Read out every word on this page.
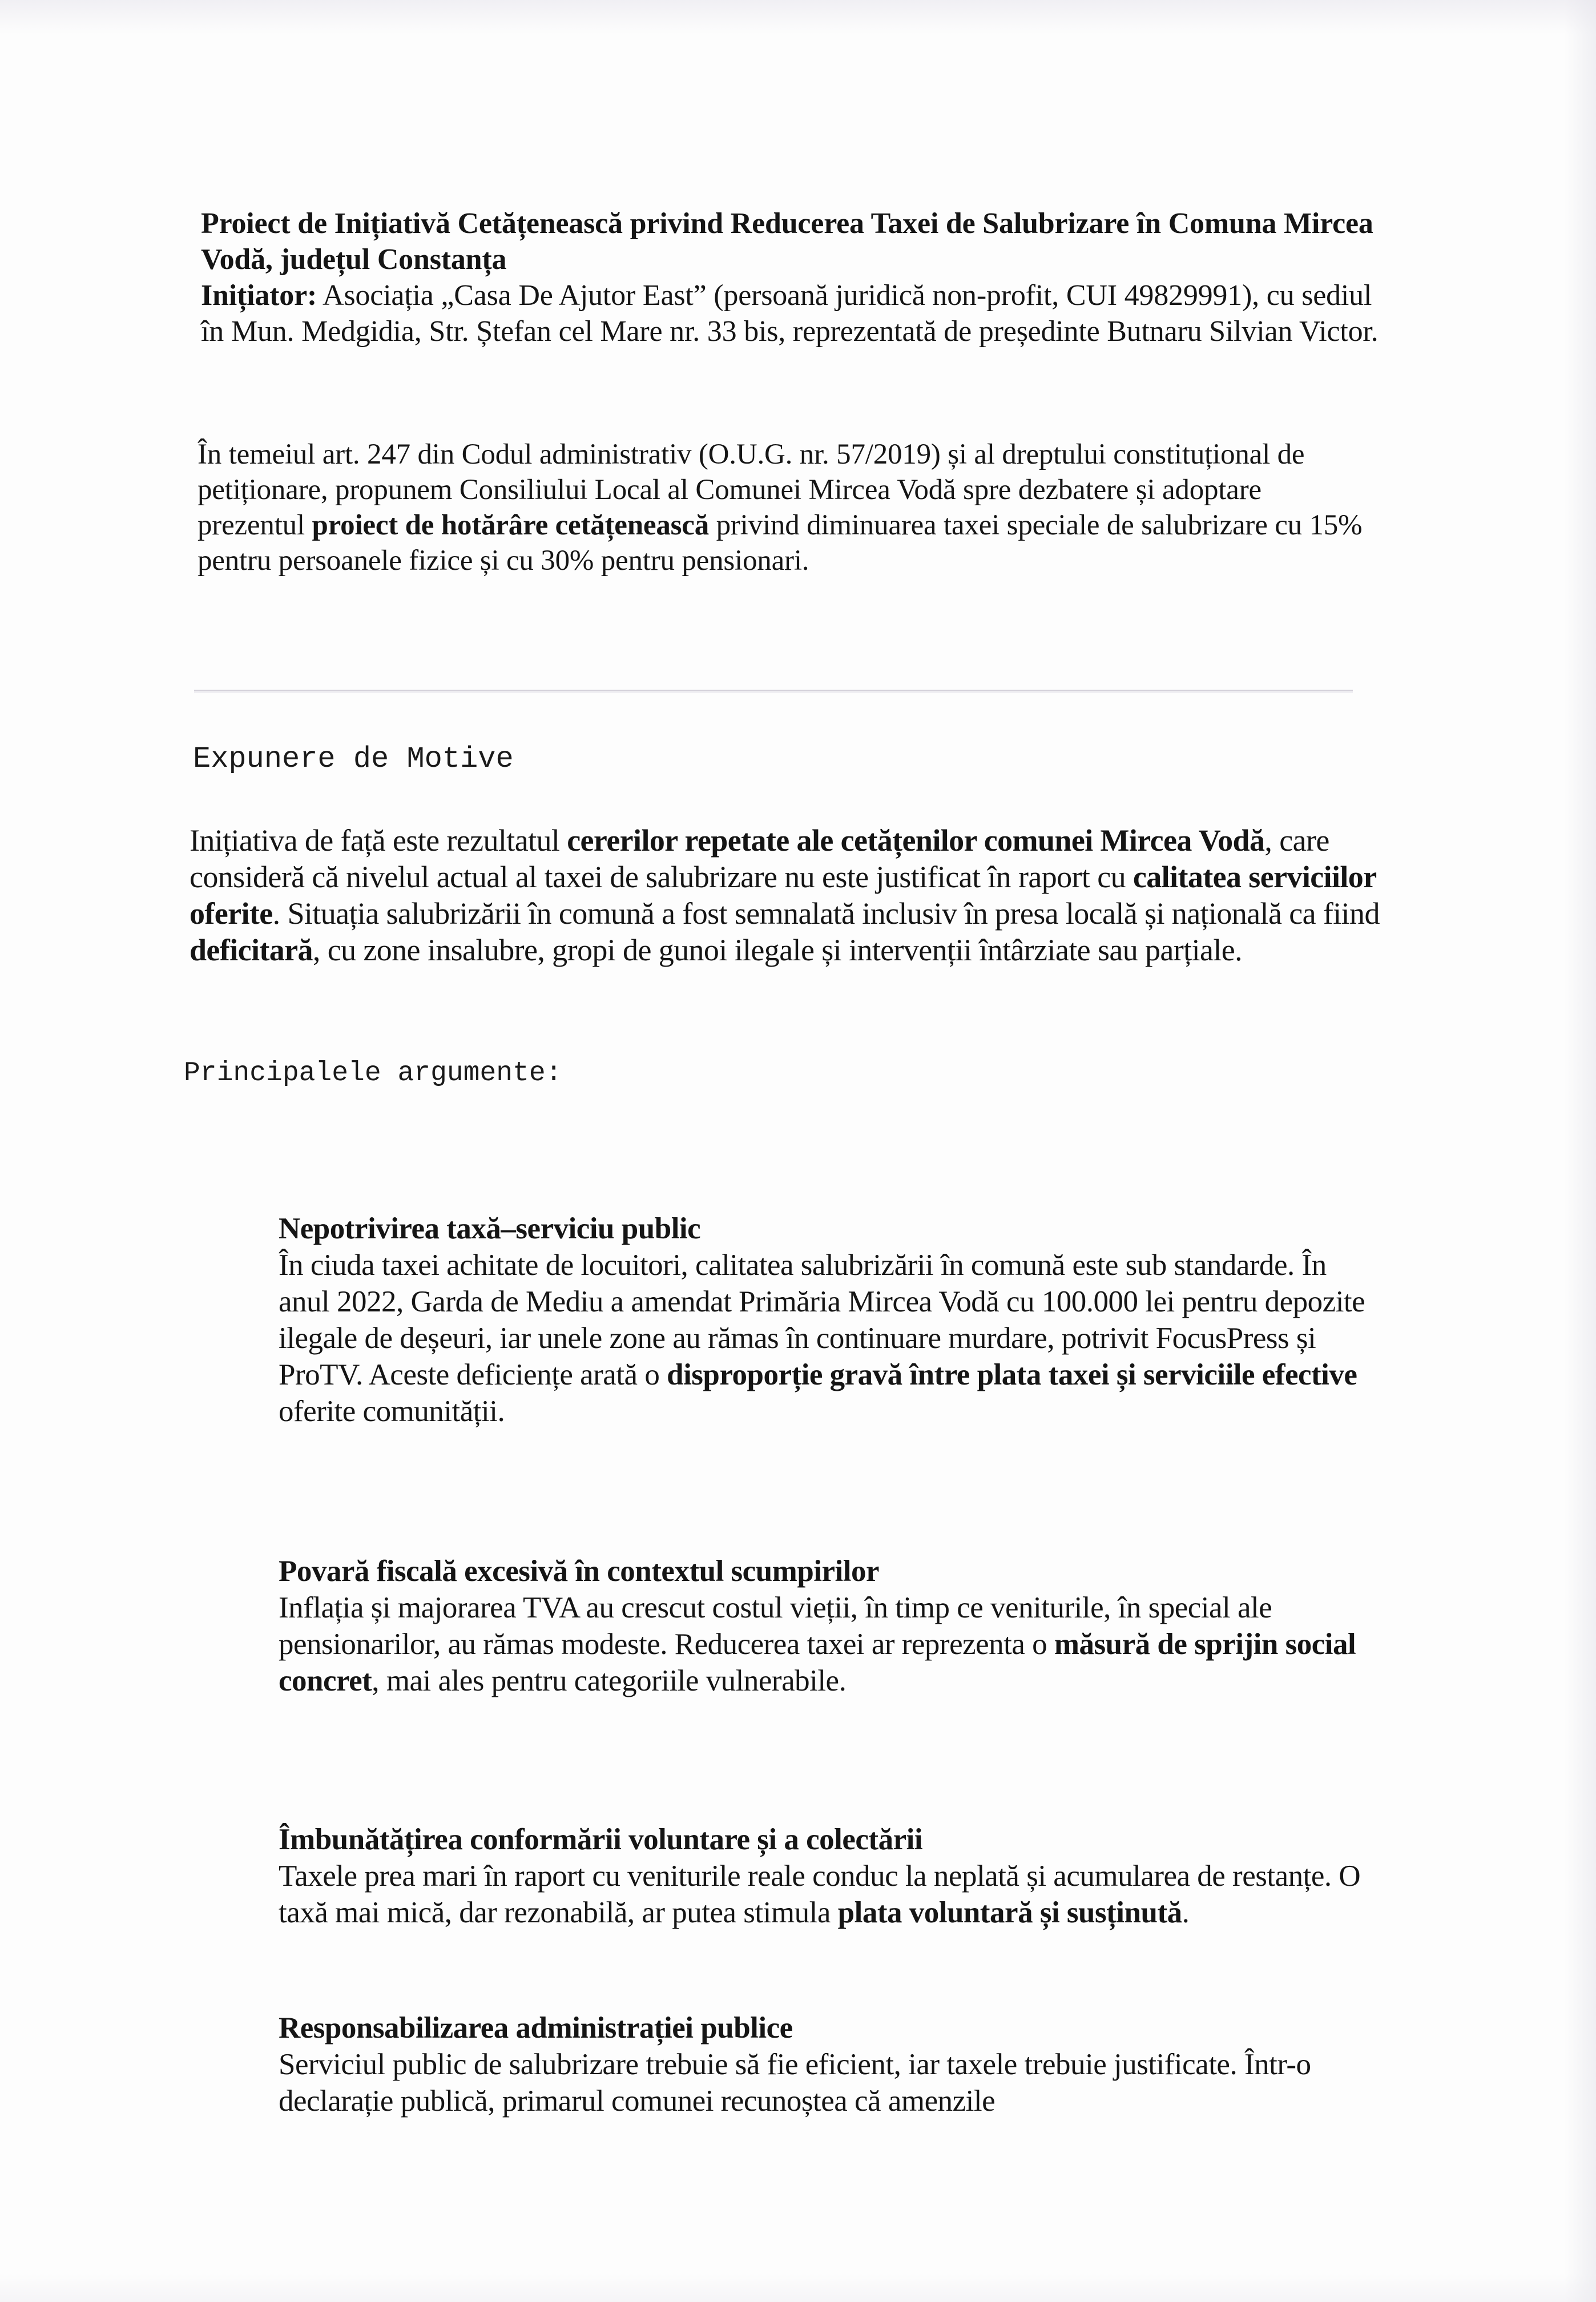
Proiect de Inițiativă Cetățenească privind Reducerea Taxei de Salubrizare în Comuna Mircea Vodă, județul Constanța
Inițiator: Asociația „Casa De Ajutor East” (persoană juridică non-profit, CUI 49829991), cu sediul în Mun. Medgidia, Str. Ștefan cel Mare nr. 33 bis, reprezentată de președinte Butnaru Silvian Victor.
În temeiul art. 247 din Codul administrativ (O.U.G. nr. 57/2019) și al dreptului constituțional de petiționare, propunem Consiliului Local al Comunei Mircea Vodă spre dezbatere și adoptare prezentul proiect de hotărâre cetățenească privind diminuarea taxei speciale de salubrizare cu 15% pentru persoanele fizice și cu 30% pentru pensionari.
Expunere de Motive
Inițiativa de față este rezultatul cererilor repetate ale cetățenilor comunei Mircea Vodă, care consideră că nivelul actual al taxei de salubrizare nu este justificat în raport cu calitatea serviciilor oferite. Situația salubrizării în comună a fost semnalată inclusiv în presa locală și națională ca fiind deficitară, cu zone insalubre, gropi de gunoi ilegale și intervenții întârziate sau parțiale.
Principalele argumente:
Nepotrivirea taxă–serviciu public
În ciuda taxei achitate de locuitori, calitatea salubrizării în comună este sub standarde. În anul 2022, Garda de Mediu a amendat Primăria Mircea Vodă cu 100.000 lei pentru depozite ilegale de deșeuri, iar unele zone au rămas în continuare murdare, potrivit FocusPress și ProTV. Aceste deficiențe arată o disproporție gravă între plata taxei și serviciile efective oferite comunității.
Povară fiscală excesivă în contextul scumpirilor
Inflația și majorarea TVA au crescut costul vieții, în timp ce veniturile, în special ale pensionarilor, au rămas modeste. Reducerea taxei ar reprezenta o măsură de sprijin social concret, mai ales pentru categoriile vulnerabile.
Îmbunătățirea conformării voluntare și a colectării
Taxele prea mari în raport cu veniturile reale conduc la neplată și acumularea de restanțe. O taxă mai mică, dar rezonabilă, ar putea stimula plata voluntară și susținută.
Responsabilizarea administrației publice
Serviciul public de salubrizare trebuie să fie eficient, iar taxele trebuie justificate. Într-o declarație publică, primarul comunei recunoștea că amenzile
